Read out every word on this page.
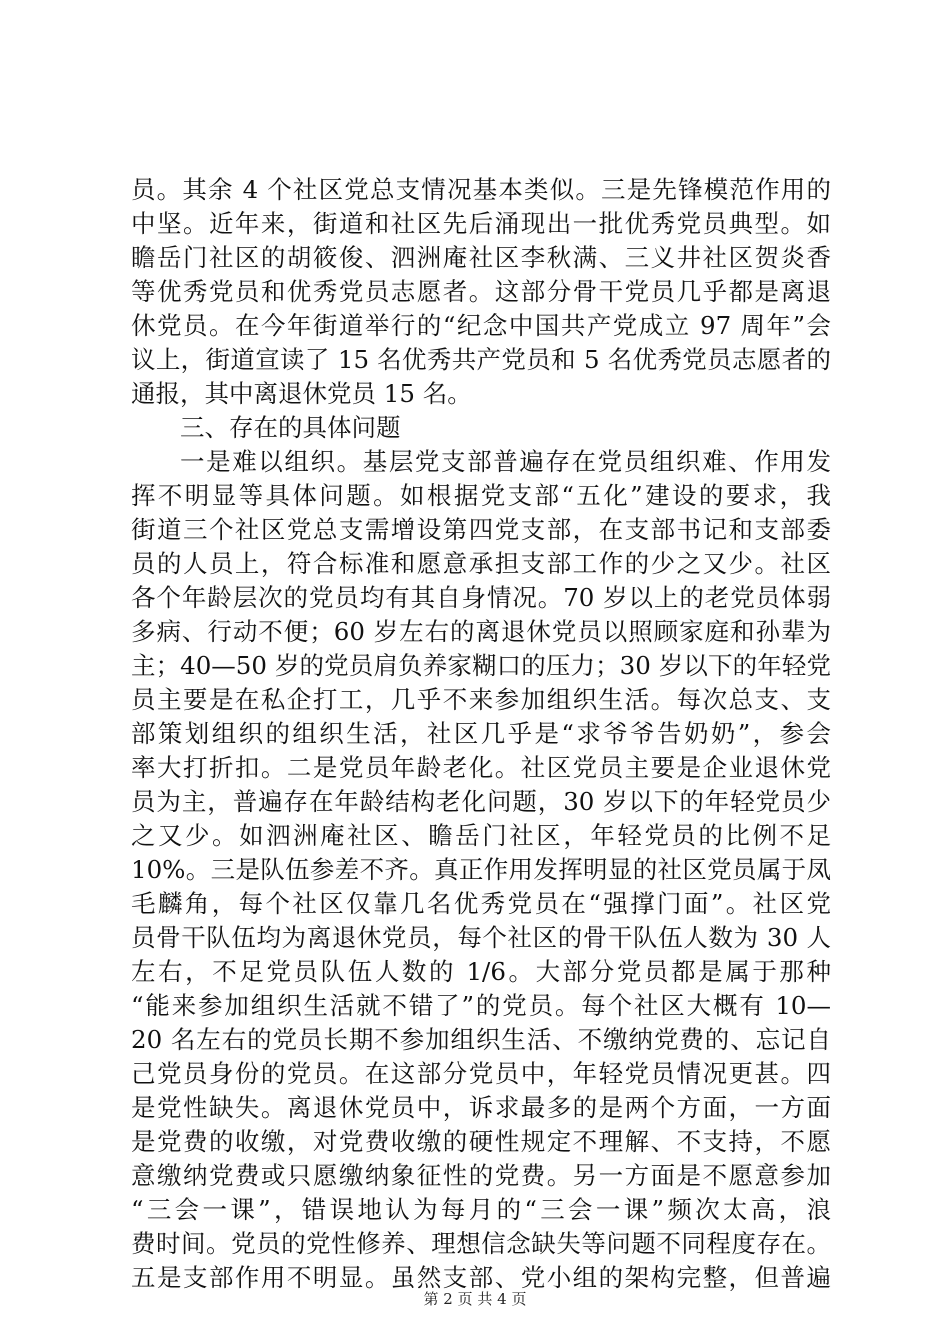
员。其余 4 个社区党总支情况基本类似。三是先锋模范作用的
中坚。近年来，街道和社区先后涌现出一批优秀党员典型。如
瞻岳门社区的胡筱俊、泗洲庵社区李秋满、三义井社区贺炎香
等优秀党员和优秀党员志愿者。这部分骨干党员几乎都是离退
休党员。在今年街道举行的“纪念中国共产党成立 97 周年”会
议上，街道宣读了 15 名优秀共产党员和 5 名优秀党员志愿者的
通报，其中离退休党员 15 名。
三、存在的具体问题
一是难以组织。基层党支部普遍存在党员组织难、作用发
挥不明显等具体问题。如根据党支部“五化”建设的要求，我
街道三个社区党总支需增设第四党支部，在支部书记和支部委
员的人员上，符合标准和愿意承担支部工作的少之又少。社区
各个年龄层次的党员均有其自身情况。70 岁以上的老党员体弱
多病、行动不便；60 岁左右的离退休党员以照顾家庭和孙辈为
主；40—50 岁的党员肩负养家糊口的压力；30 岁以下的年轻党
员主要是在私企打工，几乎不来参加组织生活。每次总支、支
部策划组织的组织生活，社区几乎是“求爷爷告奶奶”，参会
率大打折扣。二是党员年龄老化。社区党员主要是企业退休党
员为主，普遍存在年龄结构老化问题，30 岁以下的年轻党员少
之又少。如泗洲庵社区、瞻岳门社区，年轻党员的比例不足
10%。三是队伍参差不齐。真正作用发挥明显的社区党员属于凤
毛麟角，每个社区仅靠几名优秀党员在“强撑门面”。社区党
员骨干队伍均为离退休党员，每个社区的骨干队伍人数为 30 人
左右，不足党员队伍人数的 1/6。大部分党员都是属于那种
“能来参加组织生活就不错了”的党员。每个社区大概有 10—
20 名左右的党员长期不参加组织生活、不缴纳党费的、忘记自
己党员身份的党员。在这部分党员中，年轻党员情况更甚。四
是党性缺失。离退休党员中，诉求最多的是两个方面，一方面
是党费的收缴，对党费收缴的硬性规定不理解、不支持，不愿
意缴纳党费或只愿缴纳象征性的党费。另一方面是不愿意参加
“三会一课”，错误地认为每月的“三会一课”频次太高，浪
费时间。党员的党性修养、理想信念缺失等问题不同程度存在。
五是支部作用不明显。虽然支部、党小组的架构完整，但普遍
第 2 页 共 4 页
